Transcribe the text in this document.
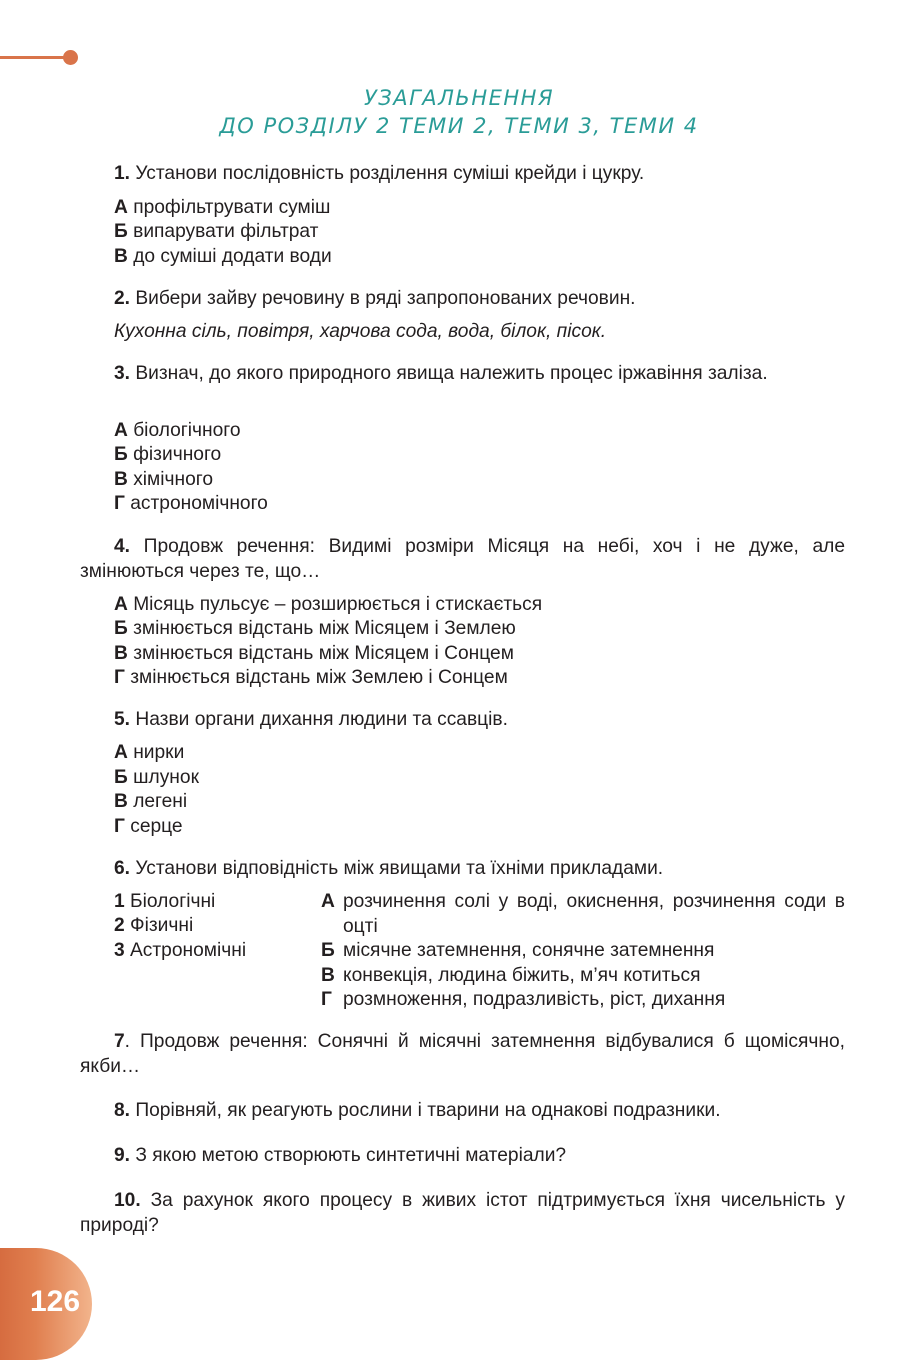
УЗАГАЛЬНЕННЯ
ДО РОЗДІЛУ 2 ТЕМИ 2, ТЕМИ 3, ТЕМИ 4

1. Установи послідовність розділення суміші крейди і цукру.

А профільтрувати суміш
Б випарувати фільтрат
В до суміші додати води

2. Вибери зайву речовину в ряді запропонованих речовин.

Кухонна сіль, повітря, харчова сода, вода, білок, пісок.

3. Визнач, до якого природного явища належить процес іржавіння заліза.

А біологічного
Б фізичного
В хімічного
Г астрономічного

4. Продовж речення: Видимі розміри Місяця на небі, хоч і не дуже, але змінюються через те, що…

А Місяць пульсує – розширюється і стискається
Б змінюється відстань між Місяцем і Землею
В змінюється відстань між Місяцем і Сонцем
Г змінюється відстань між Землею і Сонцем

5. Назви органи дихання людини та ссавців.

А нирки
Б шлунок
В легені
Г серце

6. Установи відповідність між явищами та їхніми прикладами.

1 Біологічні
2 Фізичні
3 Астрономічні
А розчинення солі у воді, окиснення, розчинення соди в оцті
Б місячне затемнення, сонячне затемнення
В конвекція, людина біжить, м’яч котиться
Г розмноження, подразливість, ріст, дихання

7. Продовж речення: Сонячні й місячні затемнення відбувалися б щомісячно, якби…

8. Порівняй, як реагують рослини і тварини на однакові подразники.

9. З якою метою створюють синтетичні матеріали?

10. За рахунок якого процесу в живих істот підтримується їхня чисельність у природі?

126
